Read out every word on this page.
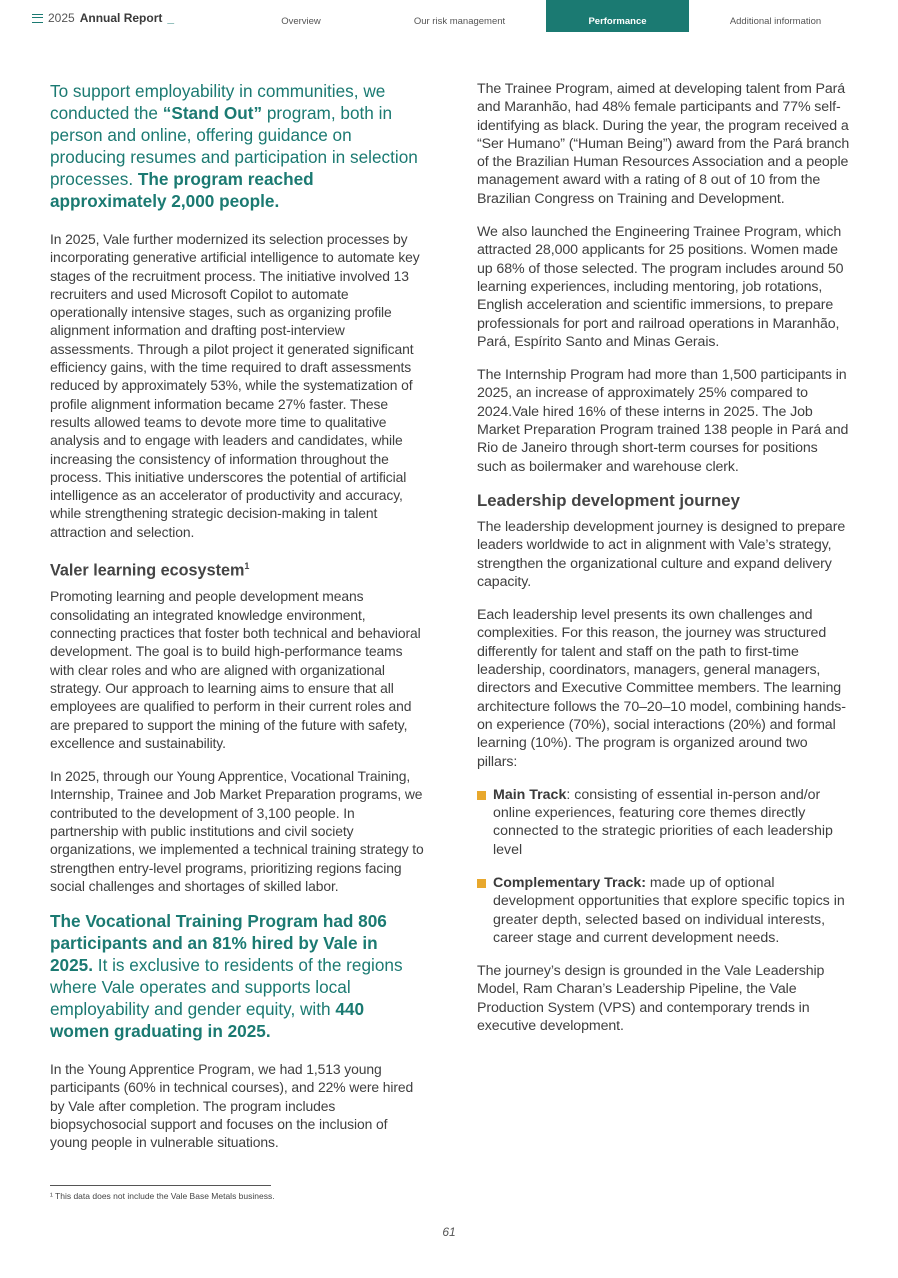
2025 Annual Report _	Overview	Our risk management	Performance	Additional information

To support employability in communities, we conducted the “Stand Out” program, both in person and online, offering guidance on producing resumes and participation in selection processes. The program reached approximately 2,000 people.

In 2025, Vale further modernized its selection processes by incorporating generative artificial intelligence to automate key stages of the recruitment process. The initiative involved 13 recruiters and used Microsoft Copilot to automate operationally intensive stages, such as organizing profile alignment information and drafting post-interview assessments. Through a pilot project it generated significant efficiency gains, with the time required to draft assessments reduced by approximately 53%, while the systematization of profile alignment information became 27% faster. These results allowed teams to devote more time to qualitative analysis and to engage with leaders and candidates, while increasing the consistency of information throughout the process. This initiative underscores the potential of artificial intelligence as an accelerator of productivity and accuracy, while strengthening strategic decision-making in talent attraction and selection.

Valer learning ecosystem$^1$

Promoting learning and people development means consolidating an integrated knowledge environment, connecting practices that foster both technical and behavioral development. The goal is to build high-performance teams with clear roles and who are aligned with organizational strategy. Our approach to learning aims to ensure that all employees are qualified to perform in their current roles and are prepared to support the mining of the future with safety, excellence and sustainability.

In 2025, through our Young Apprentice, Vocational Training, Internship, Trainee and Job Market Preparation programs, we contributed to the development of 3,100 people. In partnership with public institutions and civil society organizations, we implemented a technical training strategy to strengthen entry-level programs, prioritizing regions facing social challenges and shortages of skilled labor.

The Vocational Training Program had 806 participants and an 81% hired by Vale in 2025. It is exclusive to residents of the regions where Vale operates and supports local employability and gender equity, with 440 women graduating in 2025.

In the Young Apprentice Program, we had 1,513 young participants (60% in technical courses), and 22% were hired by Vale after completion. The program includes biopsychosocial support and focuses on the inclusion of young people in vulnerable situations.

The Trainee Program, aimed at developing talent from Pará and Maranhão, had 48% female participants and 77% self-identifying as black. During the year, the program received a “Ser Humano” (“Human Being”) award from the Pará branch of the Brazilian Human Resources Association and a people management award with a rating of 8 out of 10 from the Brazilian Congress on Training and Development.

We also launched the Engineering Trainee Program, which attracted 28,000 applicants for 25 positions. Women made up 68% of those selected. The program includes around 50 learning experiences, including mentoring, job rotations, English acceleration and scientific immersions, to prepare professionals for port and railroad operations in Maranhão, Pará, Espírito Santo and Minas Gerais.

The Internship Program had more than 1,500 participants in 2025, an increase of approximately 25% compared to 2024.Vale hired 16% of these interns in 2025. The Job Market Preparation Program trained 138 people in Pará and Rio de Janeiro through short-term courses for positions such as boilermaker and warehouse clerk.

Leadership development journey

The leadership development journey is designed to prepare leaders worldwide to act in alignment with Vale’s strategy, strengthen the organizational culture and expand delivery capacity.

Each leadership level presents its own challenges and complexities. For this reason, the journey was structured differently for talent and staff on the path to first-time leadership, coordinators, managers, general managers, directors and Executive Committee members. The learning architecture follows the 70–20–10 model, combining hands-on experience (70%), social interactions (20%) and formal learning (10%). The program is organized around two pillars:

Main Track: consisting of essential in-person and/or online experiences, featuring core themes directly connected to the strategic priorities of each leadership level
Complementary Track: made up of optional development opportunities that explore specific topics in greater depth, selected based on individual interests, career stage and current development needs.

The journey’s design is grounded in the Vale Leadership Model, Ram Charan’s Leadership Pipeline, the Vale Production System (VPS) and contemporary trends in executive development.

¹ This data does not include the Vale Base Metals business.
61
